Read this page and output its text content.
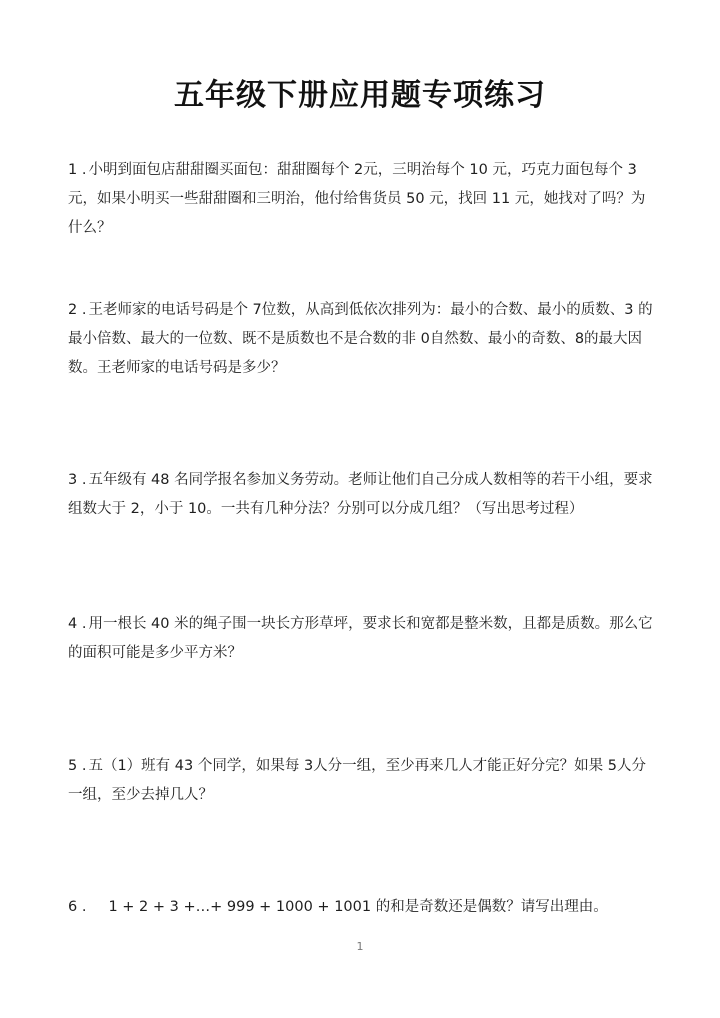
五年级下册应用题专项练习
1 . 小明到面包店甜甜圈买面包：甜甜圈每个 2元，三明治每个 10 元，巧克力面包每个 3 元，如果小明买一些甜甜圈和三明治，他付给售货员 50 元，找回 11 元，她找对了吗？为什么？
2 . 王老师家的电话号码是个 7位数，从高到低依次排列为：最小的合数、最小的质数、3 的最小倍数、最大的一位数、既不是质数也不是合数的非 0自然数、最小的奇数、8的最大因数。王老师家的电话号码是多少？
3 . 五年级有 48 名同学报名参加义务劳动。老师让他们自己分成人数相等的若干小组，要求组数大于 2，小于 10。一共有几种分法？分别可以分成几组？（写出思考过程）
4 . 用一根长 40 米的绳子围一块长方形草坪，要求长和宽都是整米数，且都是质数。那么它的面积可能是多少平方米？
5 . 五（1）班有 43 个同学，如果每 3人分一组，至少再来几人才能正好分完？如果 5人分一组，至少去掉几人？
6 . 1 + 2 + 3 +…+ 999 + 1000 + 1001 的和是奇数还是偶数？请写出理由。
1
